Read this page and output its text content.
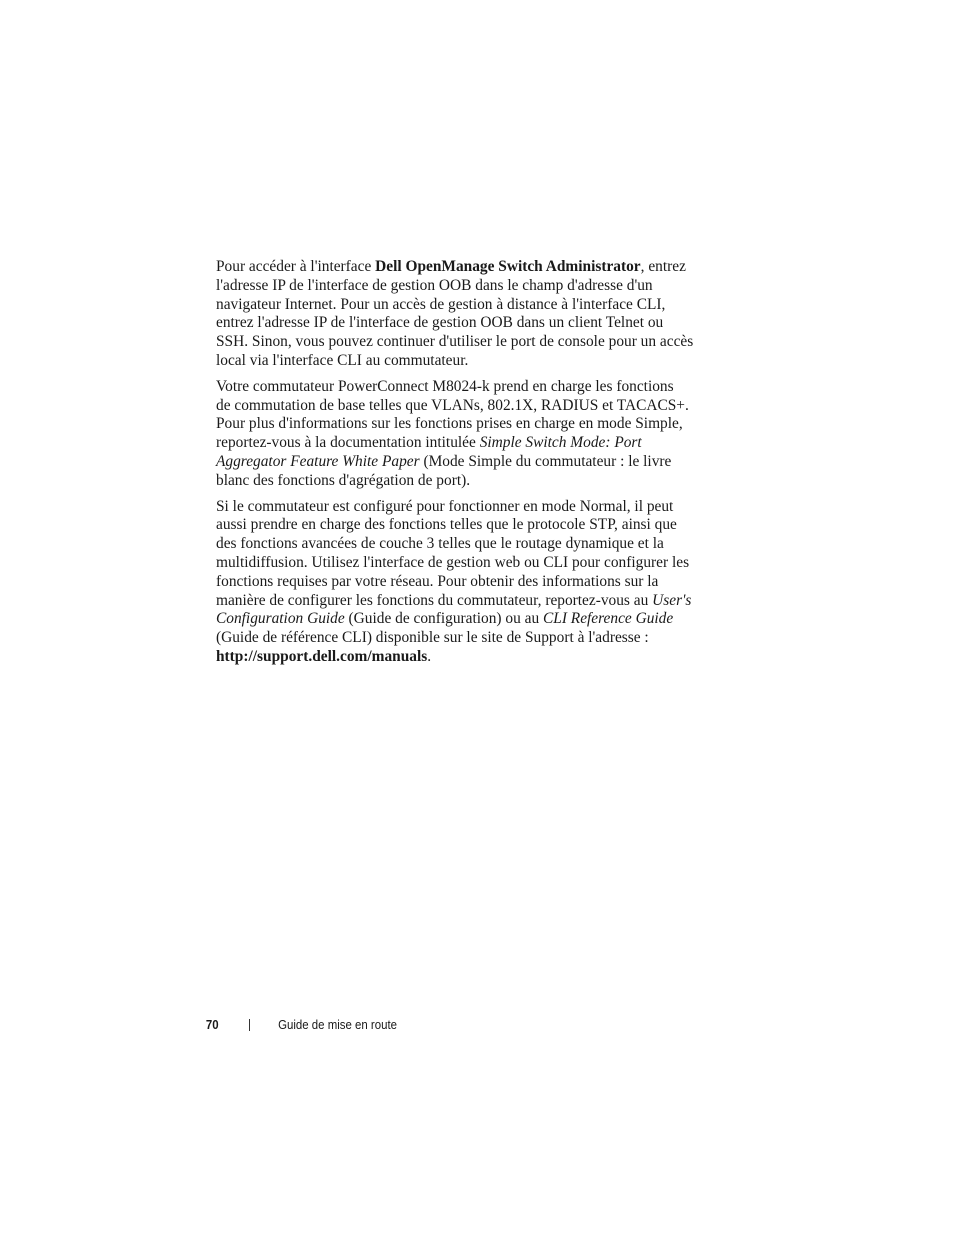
Pour accéder à l'interface Dell OpenManage Switch Administrator, entrez
l'adresse IP de l'interface de gestion OOB dans le champ d'adresse d'un
navigateur Internet. Pour un accès de gestion à distance à l'interface CLI,
entrez l'adresse IP de l'interface de gestion OOB dans un client Telnet ou
SSH. Sinon, vous pouvez continuer d'utiliser le port de console pour un accès
local via l'interface CLI au commutateur.

Votre commutateur PowerConnect M8024-k prend en charge les fonctions
de commutation de base telles que VLANs, 802.1X, RADIUS et TACACS+.
Pour plus d'informations sur les fonctions prises en charge en mode Simple,
reportez-vous à la documentation intitulée Simple Switch Mode: Port
Aggregator Feature White Paper (Mode Simple du commutateur : le livre
blanc des fonctions d'agrégation de port).

Si le commutateur est configuré pour fonctionner en mode Normal, il peut
aussi prendre en charge des fonctions telles que le protocole STP, ainsi que
des fonctions avancées de couche 3 telles que le routage dynamique et la
multidiffusion. Utilisez l'interface de gestion web ou CLI pour configurer les
fonctions requises par votre réseau. Pour obtenir des informations sur la
manière de configurer les fonctions du commutateur, reportez-vous au User's
Configuration Guide (Guide de configuration) ou au CLI Reference Guide
(Guide de référence CLI) disponible sur le site de Support à l'adresse :
http://support.dell.com/manuals.

70	Guide de mise en route
